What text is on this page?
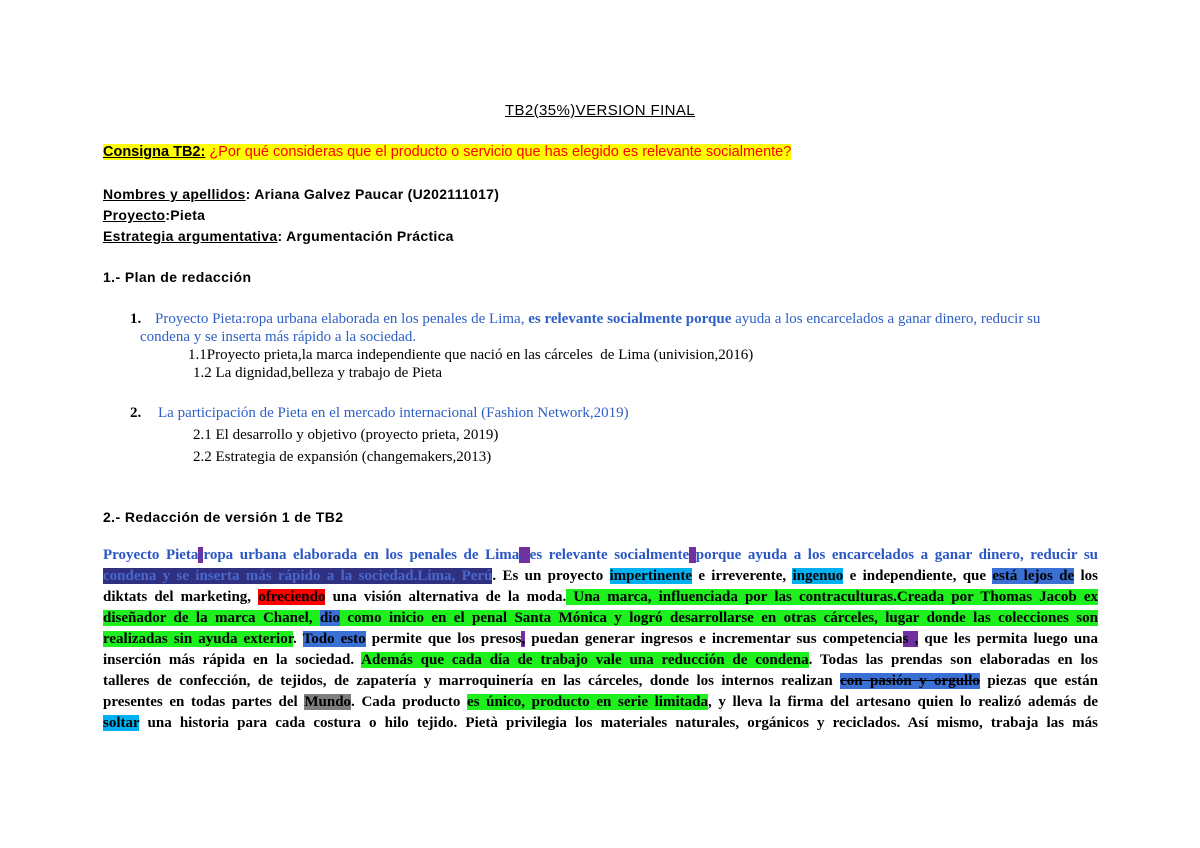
TB2(35%)VERSION FINAL
Consigna TB2: ¿Por qué consideras que el producto o servicio que has elegido es relevante socialmente?
Nombres y apellidos: Ariana Galvez Paucar (U202111017)
Proyecto:Pieta
Estrategia argumentativa: Argumentación Práctica
1.- Plan de redacción
1. Proyecto Pieta:ropa urbana elaborada en los penales de Lima, es relevante socialmente porque ayuda a los encarcelados a ganar dinero, reducir su
condena y se inserta más rápido a la sociedad.
1.1Proyecto prieta,la marca independiente que nació en las cárceles  de Lima (univision,2016)
1.2 La dignidad,belleza y trabajo de Pieta
2. La participación de Pieta en el mercado internacional (Fashion Network,2019)
2.1 El desarrollo y objetivo (proyecto prieta, 2019)
2.2 Estrategia de expansión (changemakers,2013)
2.- Redacción de versión 1 de TB2
Proyecto Pieta:ropa urbana elaborada en los penales de Lima, es relevante socialmente porque ayuda a los encarcelados a ganar dinero, reducir su
condena y se inserta más rápido a la sociedad.Lima, Perú. Es un proyecto impertinente e irreverente, ingenuo e independiente, que está lejos de los
diktats del marketing, ofreciendo una visión alternativa de la moda. Una marca, influenciada por las contraculturas.Creada por Thomas Jacob ex
diseñador de la marca Chanel, dio como inicio en el penal Santa Mónica y logró desarrollarse en otras cárceles, lugar donde las colecciones son
realizadas sin ayuda exterior. Todo esto permite que los presos, puedan generar ingresos e incrementar sus competencias , que les permita luego una
inserción más rápida en la sociedad. Además que cada día de trabajo vale una reducción de condena. Todas las prendas son elaboradas en los
talleres de confección, de tejidos, de zapatería y marroquinería en las cárceles, donde los internos realizan con pasión y orgullo piezas que están
presentes en todas partes del Mundo. Cada producto es único, producto en serie limitada, y lleva la firma del artesano quien lo realizó además de
soltar una historia para cada costura o hilo tejido. Pietà privilegia los materiales naturales, orgánicos y reciclados. Así mismo, trabaja las más
